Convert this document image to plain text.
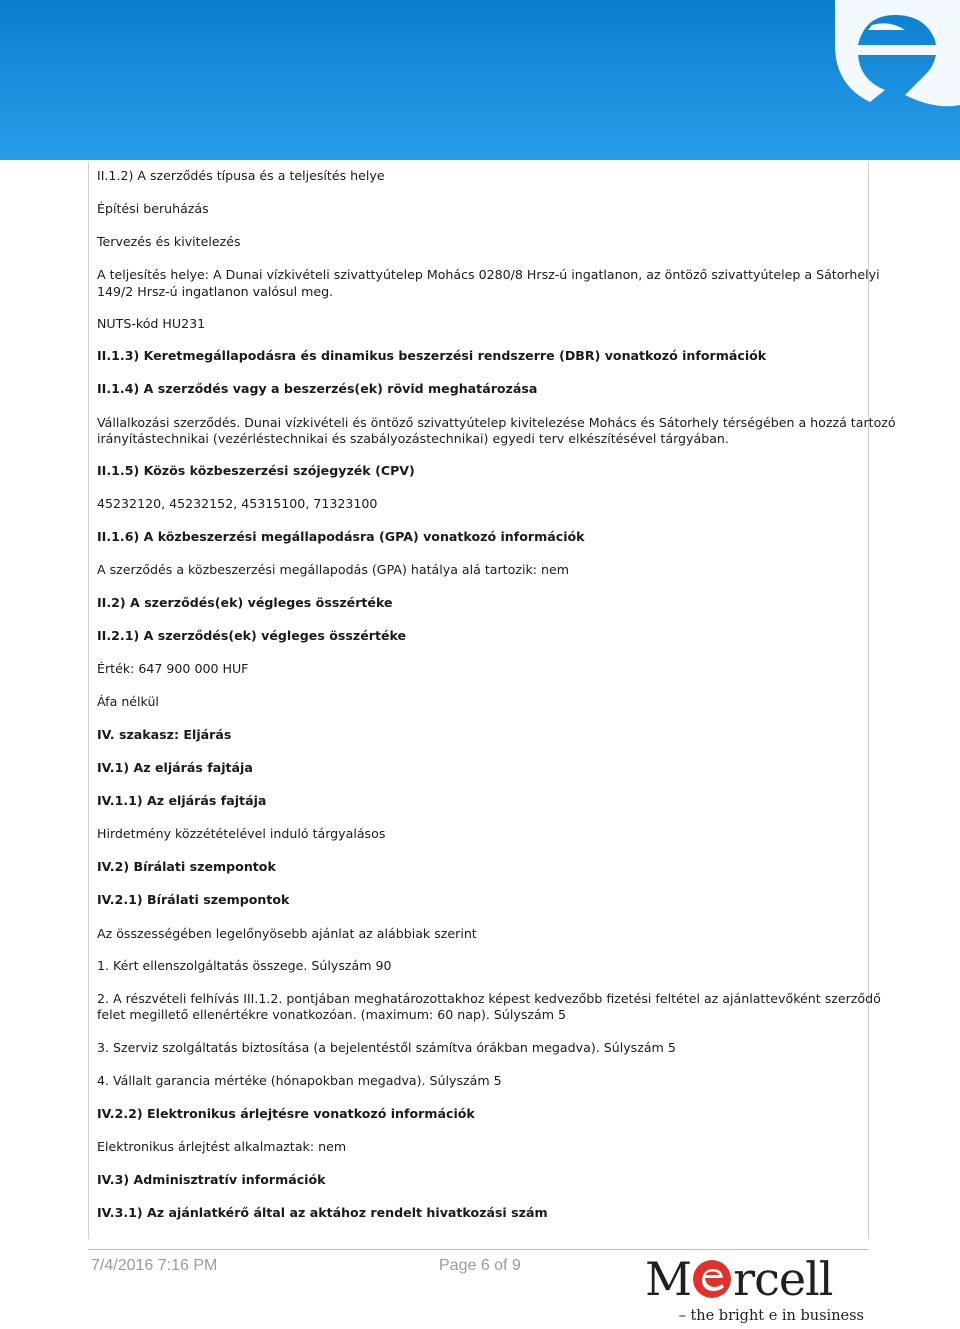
II.1.2) A szerződés típusa és a teljesítés helye
Építési beruházás
Tervezés és kivitelezés
A teljesítés helye: A Dunai vízkivételi szivattyútelep Mohács 0280/8 Hrsz-ú ingatlanon, az öntöző szivattyútelep a Sátorhelyi
149/2 Hrsz-ú ingatlanon valósul meg.
NUTS-kód HU231
II.1.3) Keretmegállapodásra és dinamikus beszerzési rendszerre (DBR) vonatkozó információk
II.1.4) A szerződés vagy a beszerzés(ek) rövid meghatározása
Vállalkozási szerződés. Dunai vízkivételi és öntöző szivattyútelep kivitelezése Mohács és Sátorhely térségében a hozzá tartozó
irányítástechnikai (vezérléstechnikai és szabályozástechnikai) egyedi terv elkészítésével tárgyában.
II.1.5) Közös közbeszerzési szójegyzék (CPV)
45232120, 45232152, 45315100, 71323100
II.1.6) A közbeszerzési megállapodásra (GPA) vonatkozó információk
A szerződés a közbeszerzési megállapodás (GPA) hatálya alá tartozik: nem
II.2) A szerződés(ek) végleges összértéke
II.2.1) A szerződés(ek) végleges összértéke
Érték: 647 900 000 HUF
Áfa nélkül
IV. szakasz: Eljárás
IV.1) Az eljárás fajtája
IV.1.1) Az eljárás fajtája
Hirdetmény közzétételével induló tárgyalásos
IV.2) Bírálati szempontok
IV.2.1) Bírálati szempontok
Az összességében legelőnyösebb ajánlat az alábbiak szerint
1. Kért ellenszolgáltatás összege. Súlyszám 90
2. A részvételi felhívás III.1.2. pontjában meghatározottakhoz képest kedvezőbb fizetési feltétel az ajánlattevőként szerződő
felet megillető ellenértékre vonatkozóan. (maximum: 60 nap). Súlyszám 5
3. Szerviz szolgáltatás biztosítása (a bejelentéstől számítva órákban megadva). Súlyszám 5
4. Vállalt garancia mértéke (hónapokban megadva). Súlyszám 5
IV.2.2) Elektronikus árlejtésre vonatkozó információk
Elektronikus árlejtést alkalmaztak: nem
IV.3) Adminisztratív információk
IV.3.1) Az ajánlatkérő által az aktához rendelt hivatkozási szám
7/4/2016 7:16 PM	Page 6 of 9	M rcell
– the bright e in business
